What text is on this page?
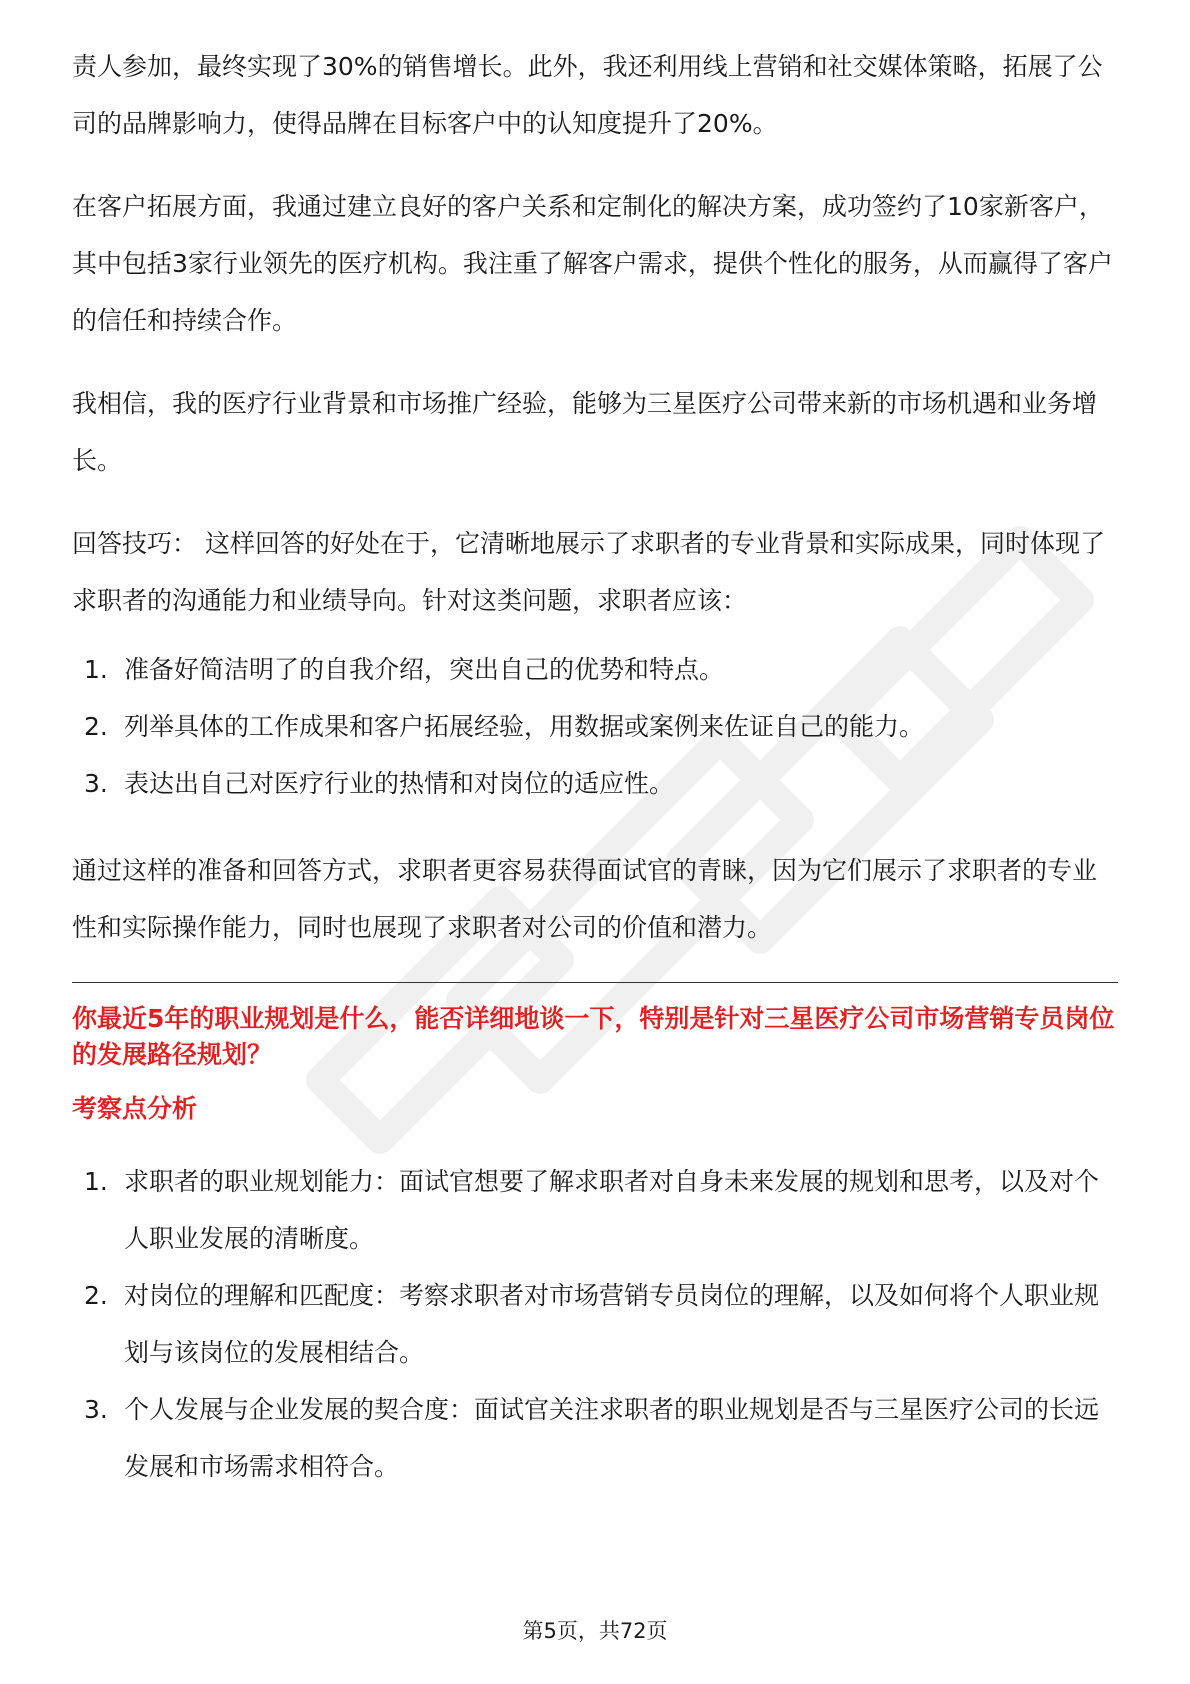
责人参加，最终实现了30%的销售增长。此外，我还利用线上营销和社交媒体策略，拓展了公司的品牌影响力，使得品牌在目标客户中的认知度提升了20%。

在客户拓展方面，我通过建立良好的客户关系和定制化的解决方案，成功签约了10家新客户，其中包括3家行业领先的医疗机构。我注重了解客户需求，提供个性化的服务，从而赢得了客户的信任和持续合作。

我相信，我的医疗行业背景和市场推广经验，能够为三星医疗公司带来新的市场机遇和业务增长。

回答技巧： 这样回答的好处在于，它清晰地展示了求职者的专业背景和实际成果，同时体现了求职者的沟通能力和业绩导向。针对这类问题，求职者应该：

1. 准备好简洁明了的自我介绍，突出自己的优势和特点。
2. 列举具体的工作成果和客户拓展经验，用数据或案例来佐证自己的能力。
3. 表达出自己对医疗行业的热情和对岗位的适应性。

通过这样的准备和回答方式，求职者更容易获得面试官的青睐，因为它们展示了求职者的专业性和实际操作能力，同时也展现了求职者对公司的价值和潜力。

你最近5年的职业规划是什么，能否详细地谈一下，特别是针对三星医疗公司市场营销专员岗位的发展路径规划？
考察点分析
1. 求职者的职业规划能力：面试官想要了解求职者对自身未来发展的规划和思考，以及对个人职业发展的清晰度。
2. 对岗位的理解和匹配度：考察求职者对市场营销专员岗位的理解，以及如何将个人职业规划与该岗位的发展相结合。
3. 个人发展与企业发展的契合度：面试官关注求职者的职业规划是否与三星医疗公司的长远发展和市场需求相符合。
第5页，共72页
